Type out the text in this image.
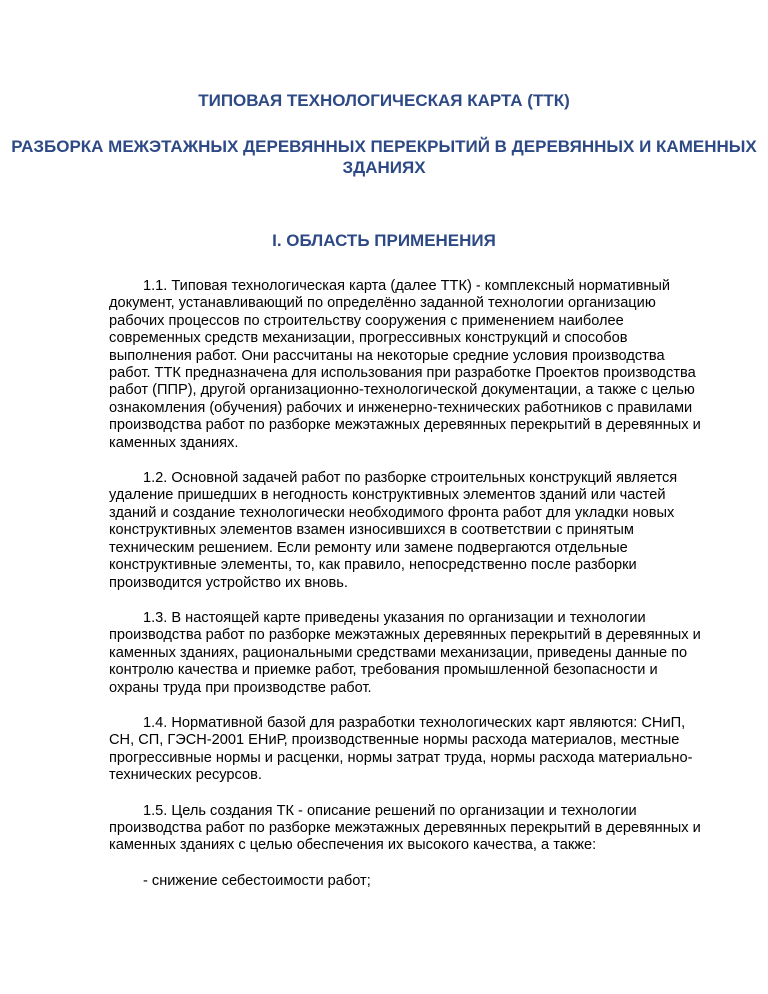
ТИПОВАЯ ТЕХНОЛОГИЧЕСКАЯ КАРТА (ТТК)
РАЗБОРКА МЕЖЭТАЖНЫХ ДЕРЕВЯННЫХ ПЕРЕКРЫТИЙ В ДЕРЕВЯННЫХ И КАМЕННЫХ ЗДАНИЯХ
I. ОБЛАСТЬ ПРИМЕНЕНИЯ

1.1. Типовая технологическая карта (далее ТТК) - комплексный нормативный документ, устанавливающий по определённо заданной технологии организацию рабочих процессов по строительству сооружения с применением наиболее современных средств механизации, прогрессивных конструкций и способов выполнения работ. Они рассчитаны на некоторые средние условия производства работ. ТТК предназначена для использования при разработке Проектов производства работ (ППР), другой организационно-технологической документации, а также с целью ознакомления (обучения) рабочих и инженерно-технических работников с правилами производства работ по разборке межэтажных деревянных перекрытий в деревянных и каменных зданиях.

1.2. Основной задачей работ по разборке строительных конструкций является удаление пришедших в негодность конструктивных элементов зданий или частей зданий и создание технологически необходимого фронта работ для укладки новых конструктивных элементов взамен износившихся в соответствии с принятым техническим решением. Если ремонту или замене подвергаются отдельные конструктивные элементы, то, как правило, непосредственно после разборки производится устройство их вновь.

1.3. В настоящей карте приведены указания по организации и технологии производства работ по разборке межэтажных деревянных перекрытий в деревянных и каменных зданиях, рациональными средствами механизации, приведены данные по контролю качества и приемке работ, требования промышленной безопасности и охраны труда при производстве работ.

1.4. Нормативной базой для разработки технологических карт являются: СНиП, СН, СП, ГЭСН-2001 ЕНиР, производственные нормы расхода материалов, местные прогрессивные нормы и расценки, нормы затрат труда, нормы расхода материально-технических ресурсов.

1.5. Цель создания ТК - описание решений по организации и технологии производства работ по разборке межэтажных деревянных перекрытий в деревянных и каменных зданиях с целью обеспечения их высокого качества, а также:

- снижение себестоимости работ;
